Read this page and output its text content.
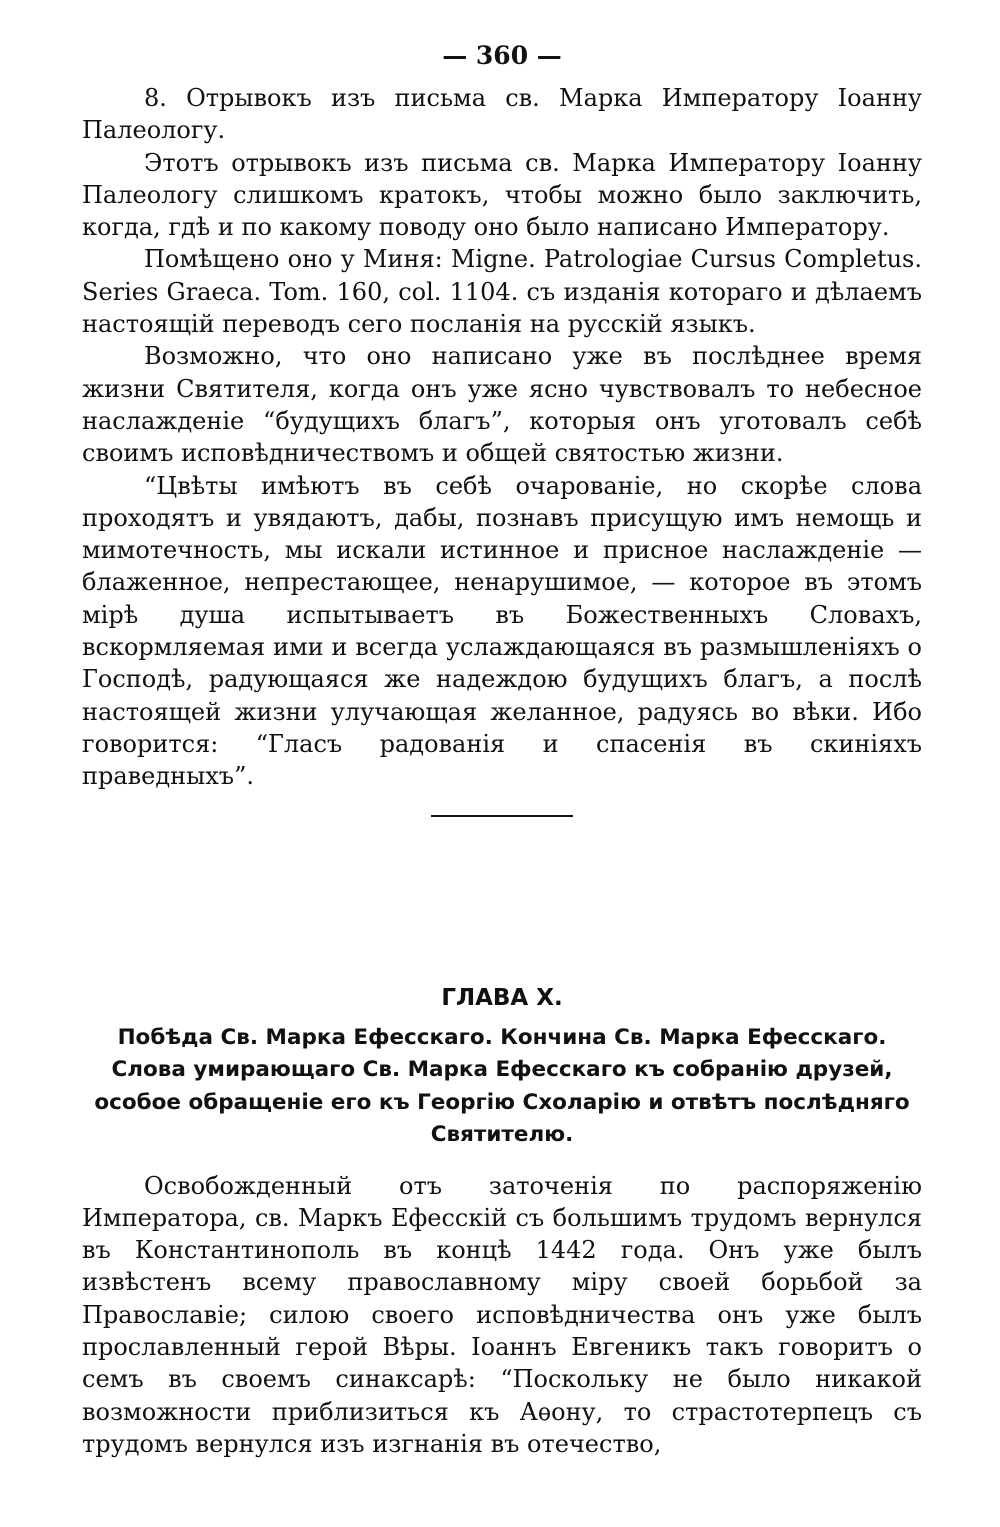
— 360 —

8. Отрывокъ изъ письма св. Марка Императору Іоанну Палеологу.

Этотъ отрывокъ изъ письма св. Марка Императору Іоанну Палеологу слишкомъ кратокъ, чтобы можно было заключить, когда, гдѣ и по какому поводу оно было написано Императору.

Помѣщено оно у Миня: Migne. Patrologiae Cursus Completus. Series Graeca. Tom. 160, col. 1104. съ изданія котораго и дѣлаемъ настоящій переводъ сего посланія на русскій языкъ.

Возможно, что оно написано уже въ послѣднее время жизни Святителя, когда онъ уже ясно чувствовалъ то небесное наслажденіе “будущихъ благъ”, которыя онъ уготовалъ себѣ своимъ исповѣдничествомъ и общей святостью жизни.

“Цвѣты имѣютъ въ себѣ очарованіе, но скорѣе слова проходятъ и увядаютъ, дабы, познавъ присущую имъ немощь и мимотечность, мы искали истинное и присное наслажденіе — блаженное, непрестающее, ненарушимое, — которое въ этомъ мірѣ душа испытываетъ въ Божественныхъ Словахъ, вскормляемая ими и всегда услаждающаяся въ размышленіяхъ о Господѣ, радующаяся же надеждою будущихъ благъ, а послѣ настоящей жизни улучающая желанное, радуясь во вѣки. Ибо говорится: “Гласъ радованія и спасенія въ скиніяхъ праведныхъ”.

ГЛАВА X.
Побѣда Св. Марка Ефесскаго. Кончина Св. Марка Ефесскаго. Слова умирающаго Св. Марка Ефесскаго къ собранію друзей, особое обращеніе его къ Георгію Схоларію и отвѣтъ послѣдняго Святителю.

Освобожденный отъ заточенія по распоряженію Императора, св. Маркъ Ефесскій съ большимъ трудомъ вернулся въ Константинополь въ концѣ 1442 года. Онъ уже былъ извѣстенъ всему православному міру своей борьбой за Православіе; силою своего исповѣдничества онъ уже былъ прославленный герой Вѣры. Іоаннъ Евгеникъ такъ говоритъ о семъ въ своемъ синаксарѣ: “Поскольку не было никакой возможности приблизиться къ Аѳону, то страстотерпецъ съ трудомъ вернулся изъ изгнанія въ отечество,
